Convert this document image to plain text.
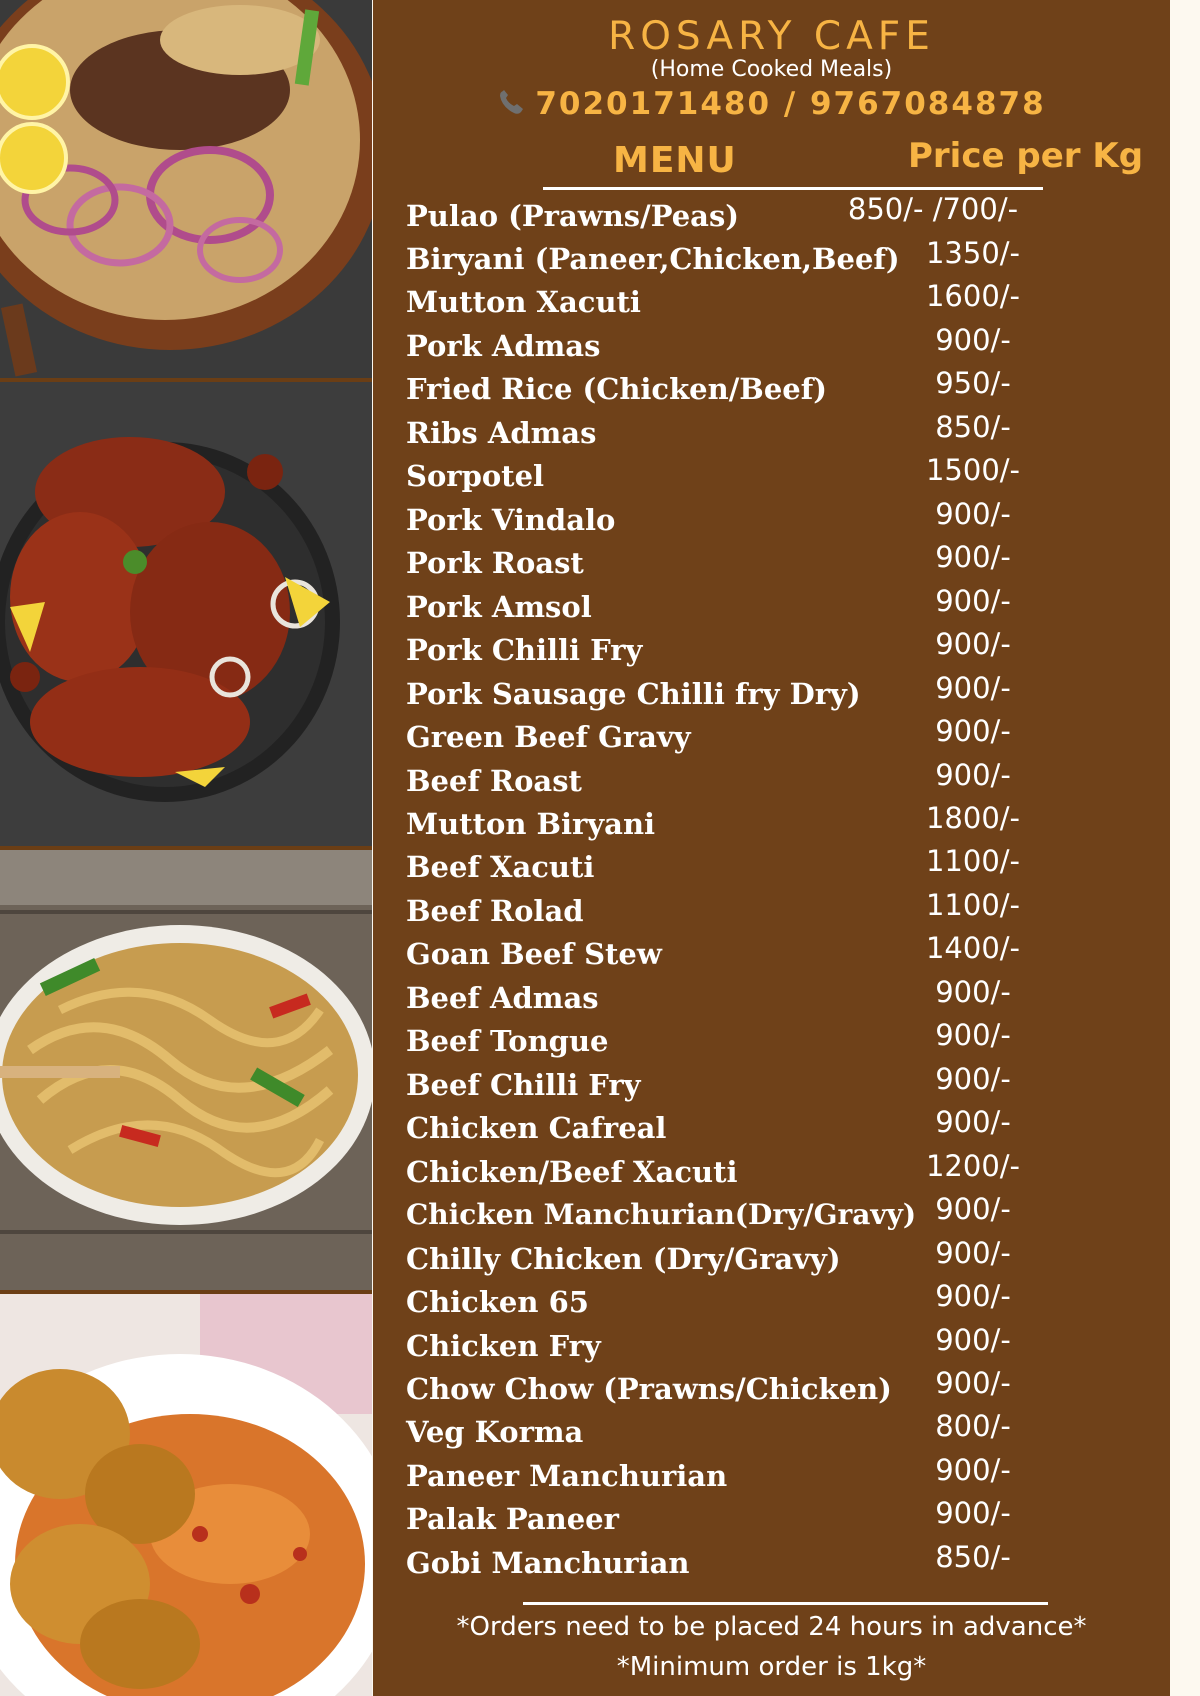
ROSARY CAFE
(Home Cooked Meals)
7020171480 / 9767084878
MENU	Price per Kg
Pulao (Prawns/Peas)	850/- /700/-
Biryani (Paneer,Chicken,Beef) 1350/-
Mutton Xacuti	1600/-
Pork Admas	900/-
Fried Rice (Chicken/Beef)	950/-
Ribs Admas	850/-
Sorpotel	1500/-
Pork Vindalo	900/-
Pork Roast	900/-
Pork Amsol	900/-
Pork Chilli Fry	900/-
Pork Sausage Chilli fry Dry)	900/-
Green Beef Gravy	900/-
Beef Roast	900/-
Mutton Biryani	1800/-
Beef Xacuti	1100/-
Beef Rolad	1100/-
Goan Beef Stew	1400/-
Beef Admas	900/-
Beef Tongue	900/-
Beef Chilli Fry	900/-
Chicken Cafreal	900/-
Chicken/Beef Xacuti	1200/-
Chicken Manchurian(Dry/Gravy) 900/-
Chilly Chicken (Dry/Gravy)	900/-
Chicken 65	900/-
Chicken Fry	900/-
Chow Chow (Prawns/Chicken)	900/-
Veg Korma	800/-
Paneer Manchurian	900/-
Palak Paneer	900/-
Gobi Manchurian	850/-
*Orders need to be placed 24 hours in advance*
*Minimum order is 1kg*
